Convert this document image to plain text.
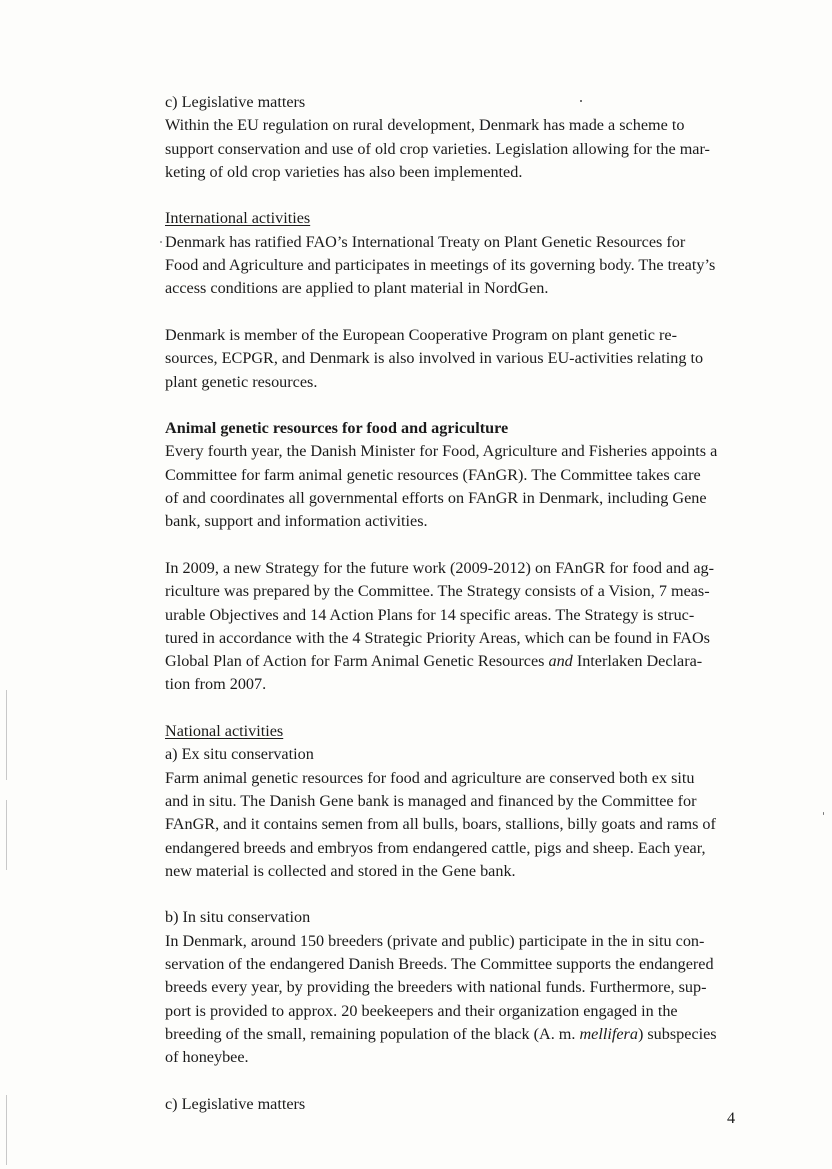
c) Legislative matters
Within the EU regulation on rural development, Denmark has made a scheme to
support conservation and use of old crop varieties. Legislation allowing for the mar-
keting of old crop varieties has also been implemented.
International activities
Denmark has ratified FAO’s International Treaty on Plant Genetic Resources for
Food and Agriculture and participates in meetings of its governing body. The treaty’s
access conditions are applied to plant material in NordGen.
Denmark is member of the European Cooperative Program on plant genetic re-
sources, ECPGR, and Denmark is also involved in various EU-activities relating to
plant genetic resources.
Animal genetic resources for food and agriculture
Every fourth year, the Danish Minister for Food, Agriculture and Fisheries appoints a
Committee for farm animal genetic resources (FAnGR). The Committee takes care
of and coordinates all governmental efforts on FAnGR in Denmark, including Gene
bank, support and information activities.
In 2009, a new Strategy for the future work (2009-2012) on FAnGR for food and ag-
riculture was prepared by the Committee. The Strategy consists of a Vision, 7 meas-
urable Objectives and 14 Action Plans for 14 specific areas. The Strategy is struc-
tured in accordance with the 4 Strategic Priority Areas, which can be found in FAOs
Global Plan of Action for Farm Animal Genetic Resources and Interlaken Declara-
tion from 2007.
National activities
a) Ex situ conservation
Farm animal genetic resources for food and agriculture are conserved both ex situ
and in situ. The Danish Gene bank is managed and financed by the Committee for
FAnGR, and it contains semen from all bulls, boars, stallions, billy goats and rams of
endangered breeds and embryos from endangered cattle, pigs and sheep. Each year,
new material is collected and stored in the Gene bank.
b) In situ conservation
In Denmark, around 150 breeders (private and public) participate in the in situ con-
servation of the endangered Danish Breeds. The Committee supports the endangered
breeds every year, by providing the breeders with national funds. Furthermore, sup-
port is provided to approx. 20 beekeepers and their organization engaged in the
breeding of the small, remaining population of the black (A. m. mellifera) subspecies
of honeybee.
c) Legislative matters
4
